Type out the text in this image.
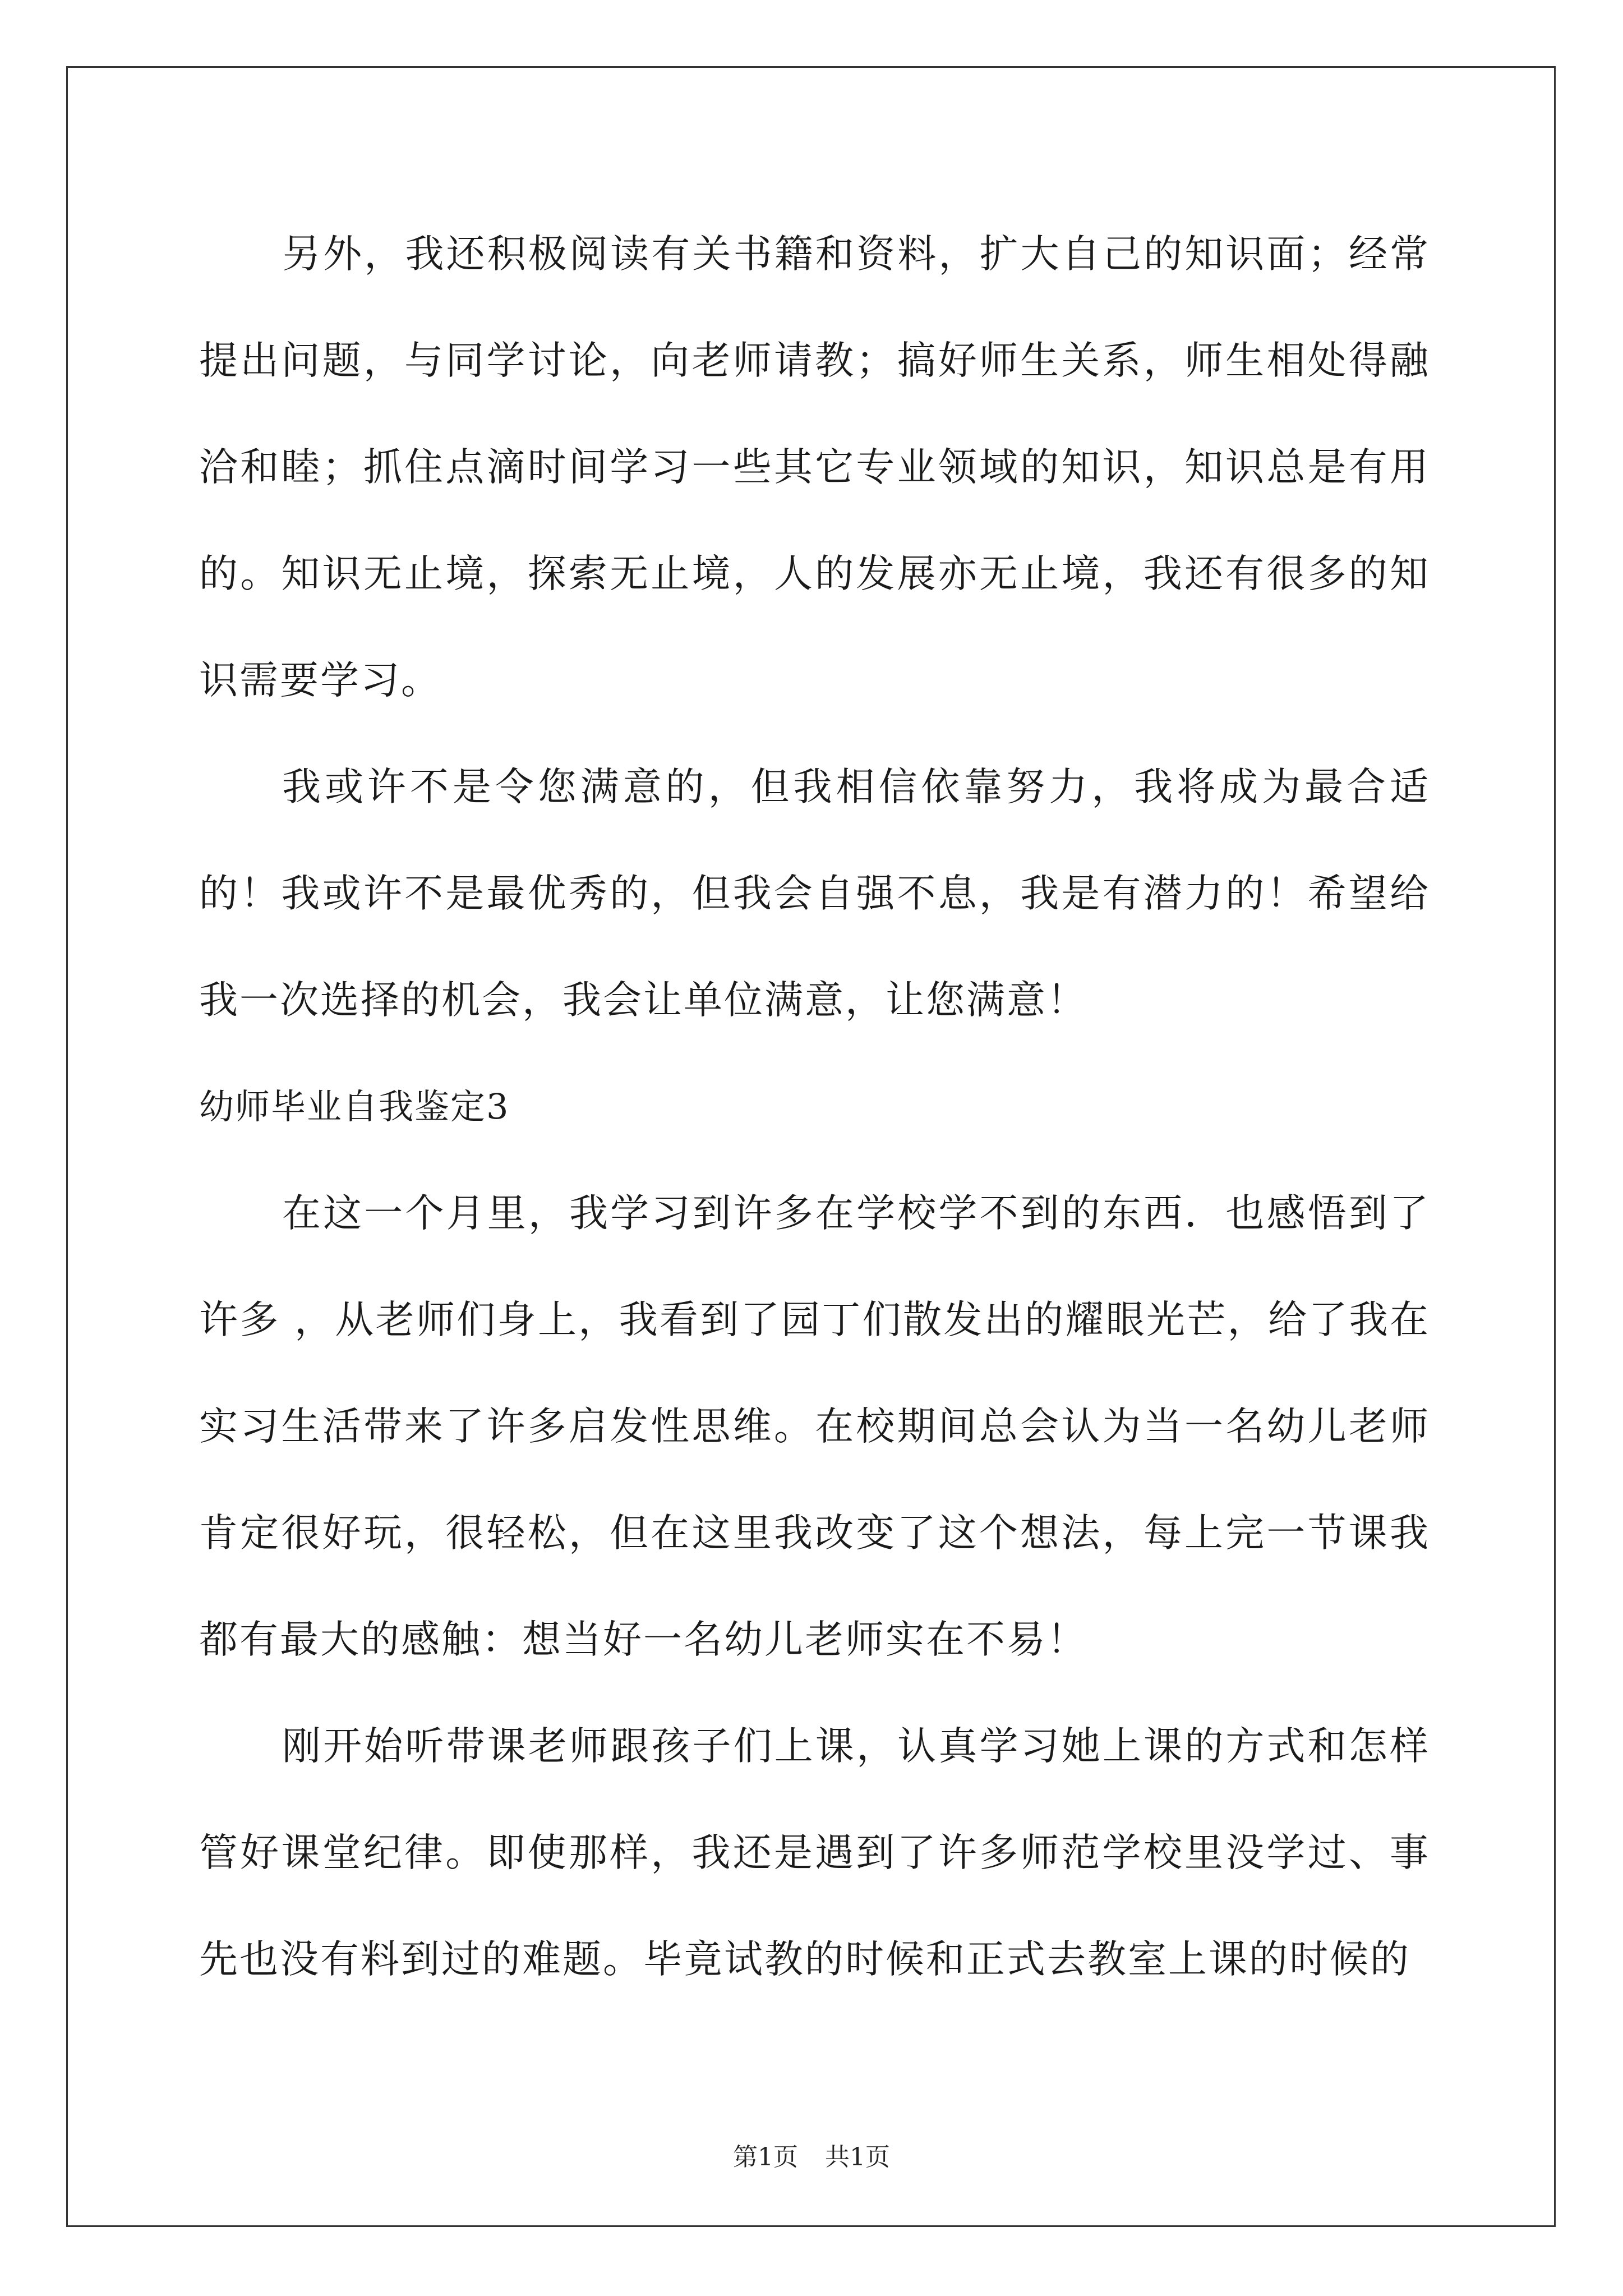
另外，我还积极阅读有关书籍和资料，扩大自己的知识面；经常提出问题，与同学讨论，向老师请教；搞好师生关系，师生相处得融洽和睦；抓住点滴时间学习一些其它专业领域的知识，知识总是有用的。知识无止境，探索无止境，人的发展亦无止境，我还有很多的知识需要学习。

我或许不是令您满意的，但我相信依靠努力，我将成为最合适的！我或许不是最优秀的，但我会自强不息，我是有潜力的！希望给我一次选择的机会，我会让单位满意，让您满意！

幼师毕业自我鉴定3

在这一个月里，我学习到许多在学校学不到的东西．也感悟到了许多 ，从老师们身上，我看到了园丁们散发出的耀眼光芒，给了我在实习生活带来了许多启发性思维。在校期间总会认为当一名幼儿老师肯定很好玩，很轻松，但在这里我改变了这个想法，每上完一节课我都有最大的感触：想当好一名幼儿老师实在不易！

刚开始听带课老师跟孩子们上课，认真学习她上课的方式和怎样管好课堂纪律。即使那样，我还是遇到了许多师范学校里没学过、事先也没有料到过的难题。毕竟试教的时候和正式去教室上课的时候的

第1页 共1页
